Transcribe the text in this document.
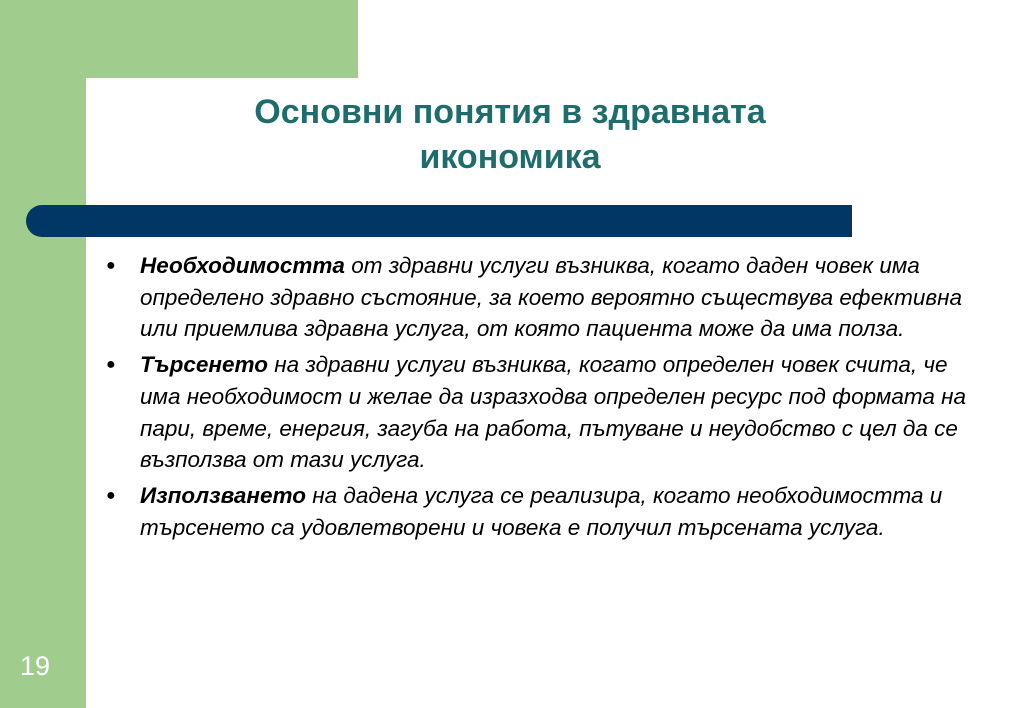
Основни понятия в здравната
икономика
● Необходимостта от здравни услуги възниква, когато даден човек има определено здравно състояние, за което вероятно съществува ефективна или приемлива здравна услуга, от която пациента може да има полза.
● Търсенето на здравни услуги възниква, когато определен човек счита, че има необходимост и желае да изразходва определен ресурс под формата на пари, време, енергия, загуба на работа, пътуване и неудобство с цел да се възползва от тази услуга.
● Използването на дадена услуга се реализира, когато необходимостта и търсенето са удовлетворени и човека е получил търсената услуга.
19
